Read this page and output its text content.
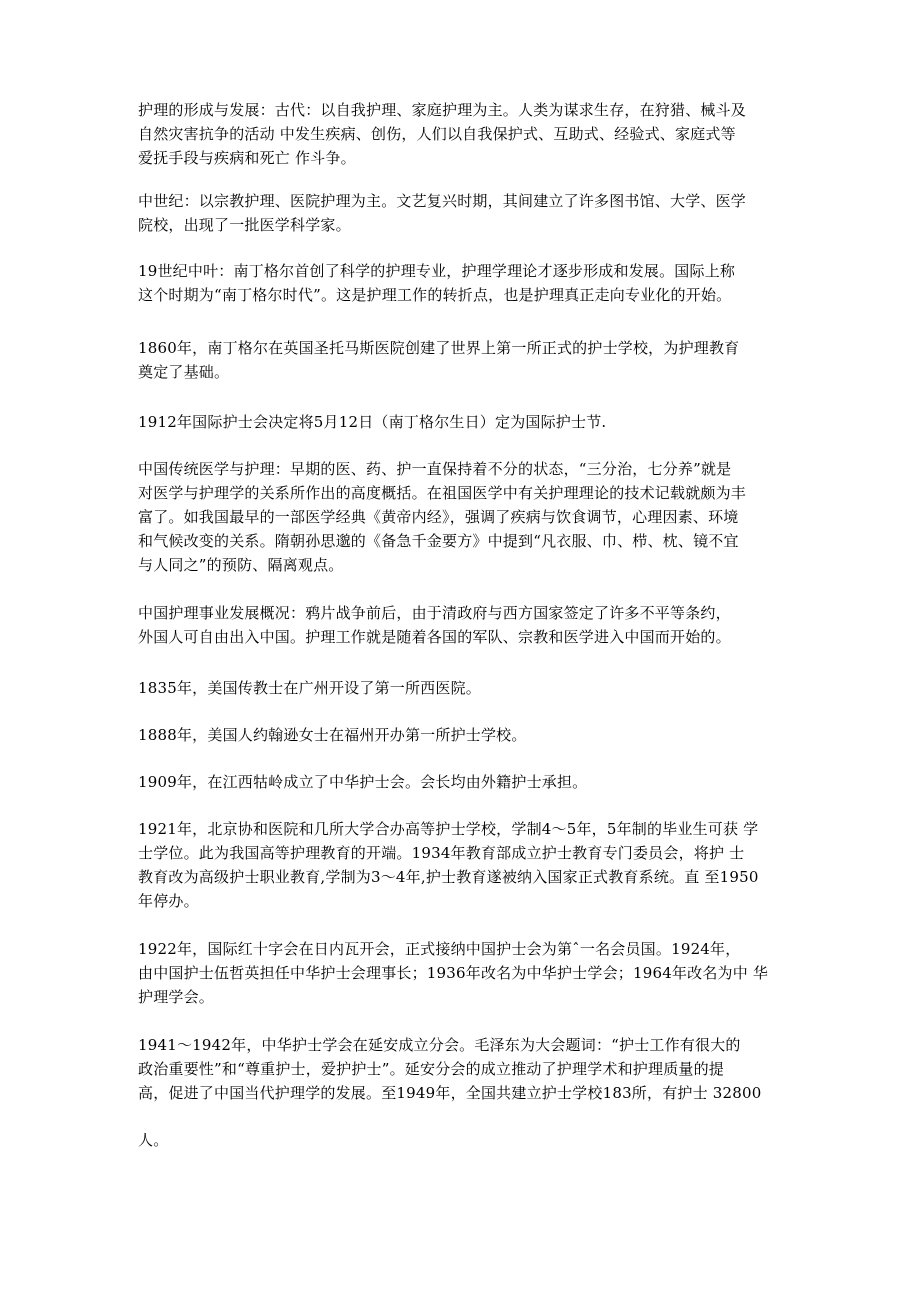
护理的形成与发展：古代：以自我护理、家庭护理为主。人类为谋求生存，在狩猎、械斗及
自然灾害抗争的活动 中发生疾病、创伤，人们以自我保护式、互助式、经验式、家庭式等
爱抚手段与疾病和死亡 作斗争。

中世纪：以宗教护理、医院护理为主。文艺复兴时期，其间建立了许多图书馆、大学、医学
院校，出现了一批医学科学家。

19世纪中叶：南丁格尔首创了科学的护理专业，护理学理论才逐步形成和发展。国际上称
这个时期为“南丁格尔时代”。这是护理工作的转折点，也是护理真正走向专业化的开始。

1860年，南丁格尔在英国圣托马斯医院创建了世界上第一所正式的护士学校，为护理教育
奠定了基础。

1912年国际护士会决定将5月12日（南丁格尔生日）定为国际护士节.

中国传统医学与护理：早期的医、药、护一直保持着不分的状态，“三分治，七分养”就是
对医学与护理学的关系所作出的高度概括。在祖国医学中有关护理理论的技术记载就颇为丰
富了。如我国最早的一部医学经典《黄帝内经》，强调了疾病与饮食调节，心理因素、环境
和气候改变的关系。隋朝孙思邈的《备急千金要方》中提到“凡衣服、巾、栉、枕、镜不宜
与人同之”的预防、隔离观点。

中国护理事业发展概况：鸦片战争前后，由于清政府与西方国家签定了许多不平等条约，
外国人可自由出入中国。护理工作就是随着各国的军队、宗教和医学进入中国而开始的。

1835年，美国传教士在广州开设了第一所西医院。

1888年，美国人约翰逊女士在福州开办第一所护士学校。

1909年，在江西牯岭成立了中华护士会。会长均由外籍护士承担。

1921年，北京协和医院和几所大学合办高等护士学校，学制4〜5年，5年制的毕业生可获 学
士学位。此为我国高等护理教育的开端。1934年教育部成立护士教育专门委员会，将护 士
教育改为高级护士职业教育,学制为3〜4年,护士教育遂被纳入国家正式教育系统。直 至1950
年停办。

1922年，国际红十字会在日内瓦开会，正式接纳中国护士会为第ˆ一名会员国。1924年，
由中国护士伍哲英担任中华护士会理事长；1936年改名为中华护士学会；1964年改名为中 华
护理学会。

1941〜1942年，中华护士学会在延安成立分会。毛泽东为大会题词：“护士工作有很大的
政治重要性”和“尊重护士，爱护护士”。延安分会的成立推动了护理学术和护理质量的提
高，促进了中国当代护理学的发展。至1949年，全国共建立护士学校183所，有护士 32800

人。
